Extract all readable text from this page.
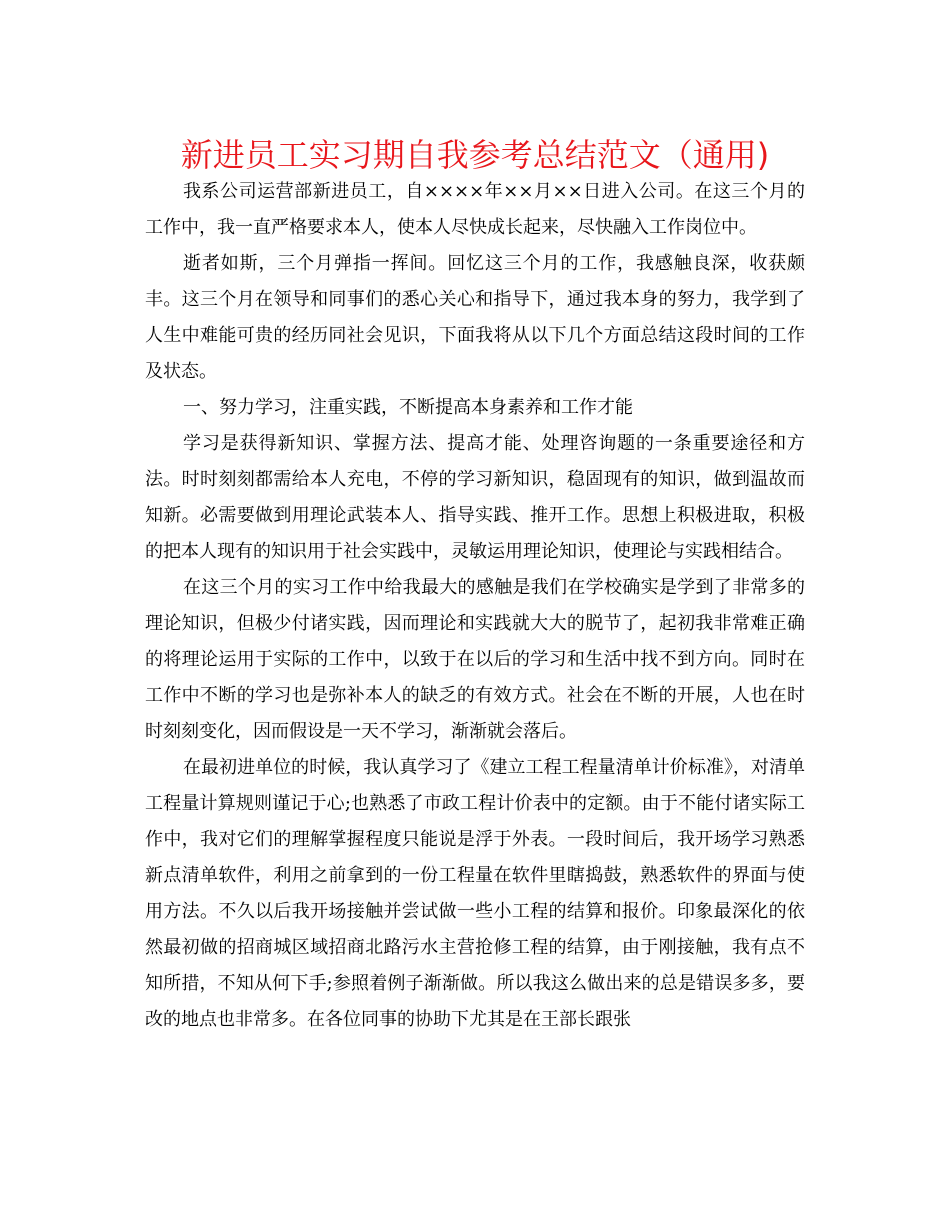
新进员工实习期自我参考总结范文（通用)

我系公司运营部新进员工，自××××年××月××日进入公司。在这三个月的工作中，我一直严格要求本人，使本人尽快成长起来，尽快融入工作岗位中。

逝者如斯，三个月弹指一挥间。回忆这三个月的工作，我感触良深，收获颇丰。这三个月在领导和同事们的悉心关心和指导下，通过我本身的努力，我学到了人生中难能可贵的经历同社会见识，下面我将从以下几个方面总结这段时间的工作及状态。

一、努力学习，注重实践，不断提高本身素养和工作才能

学习是获得新知识、掌握方法、提高才能、处理咨询题的一条重要途径和方法。时时刻刻都需给本人充电，不停的学习新知识，稳固现有的知识，做到温故而知新。必需要做到用理论武装本人、指导实践、推开工作。思想上积极进取，积极的把本人现有的知识用于社会实践中，灵敏运用理论知识，使理论与实践相结合。

在这三个月的实习工作中给我最大的感触是我们在学校确实是学到了非常多的理论知识，但极少付诸实践，因而理论和实践就大大的脱节了，起初我非常难正确的将理论运用于实际的工作中，以致于在以后的学习和生活中找不到方向。同时在工作中不断的学习也是弥补本人的缺乏的有效方式。社会在不断的开展，人也在时时刻刻变化，因而假设是一天不学习，渐渐就会落后。

在最初进单位的时候，我认真学习了《建立工程工程量清单计价标准》，对清单工程量计算规则谨记于心;也熟悉了市政工程计价表中的定额。由于不能付诸实际工作中，我对它们的理解掌握程度只能说是浮于外表。一段时间后，我开场学习熟悉新点清单软件，利用之前拿到的一份工程量在软件里瞎捣鼓，熟悉软件的界面与使用方法。不久以后我开场接触并尝试做一些小工程的结算和报价。印象最深化的依然最初做的招商城区域招商北路污水主营抢修工程的结算，由于刚接触，我有点不知所措，不知从何下手;参照着例子渐渐做。所以我这么做出来的总是错误多多，要改的地点也非常多。在各位同事的协助下尤其是在王部长跟张
